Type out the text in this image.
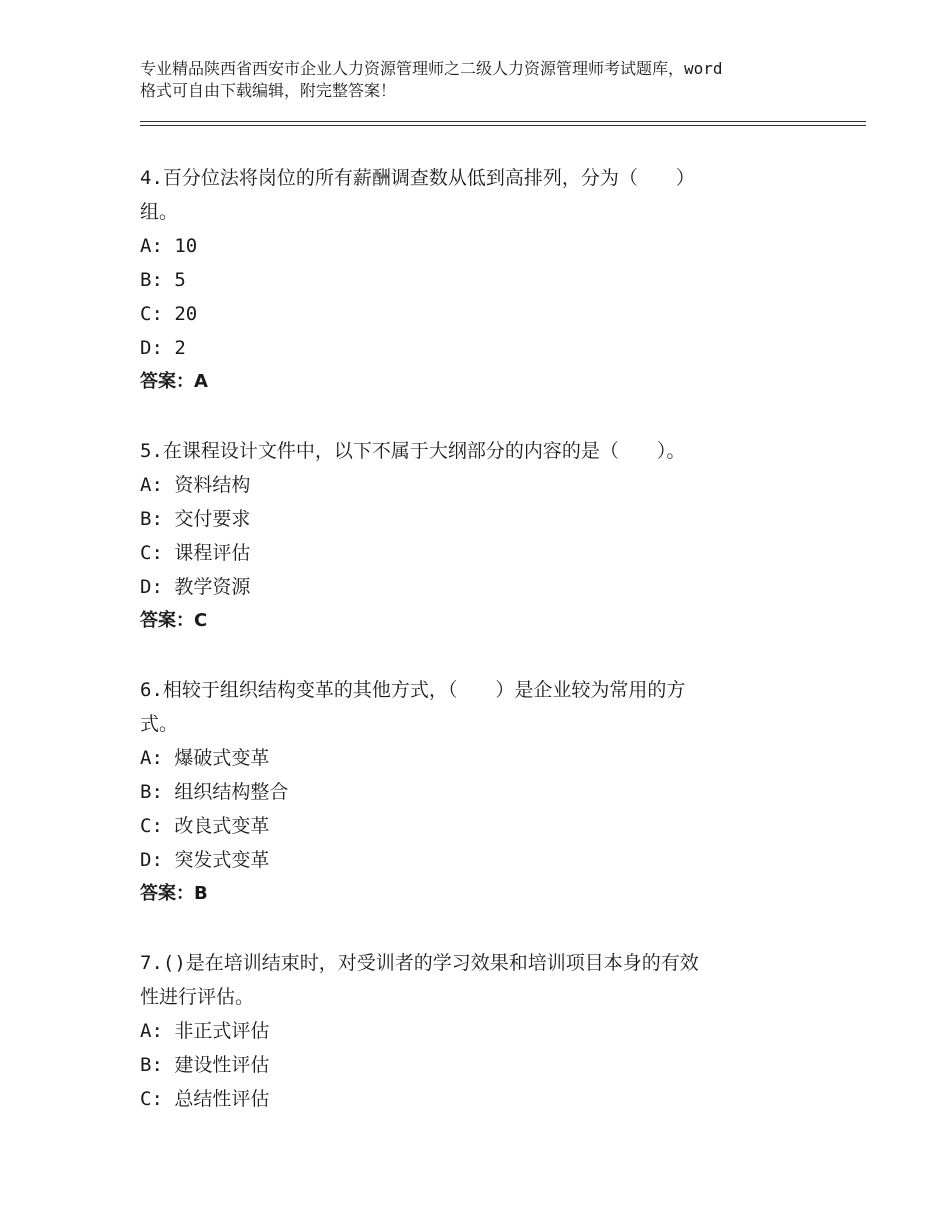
专业精品陕西省西安市企业人力资源管理师之二级人力资源管理师考试题库，word
格式可自由下载编辑，附完整答案！

4.百分位法将岗位的所有薪酬调查数从低到高排列，分为（　　）

组。

A: 10

B: 5

C: 20

D: 2

答案：A

5.在课程设计文件中，以下不属于大纲部分的内容的是（　　）。

A: 资料结构

B: 交付要求

C: 课程评估

D: 教学资源

答案：C

6.相较于组织结构变革的其他方式，（　　）是企业较为常用的方

式。

A: 爆破式变革

B: 组织结构整合

C: 改良式变革

D: 突发式变革

答案：B

7.()是在培训结束时，对受训者的学习效果和培训项目本身的有效

性进行评估。

A: 非正式评估

B: 建设性评估

C: 总结性评估
